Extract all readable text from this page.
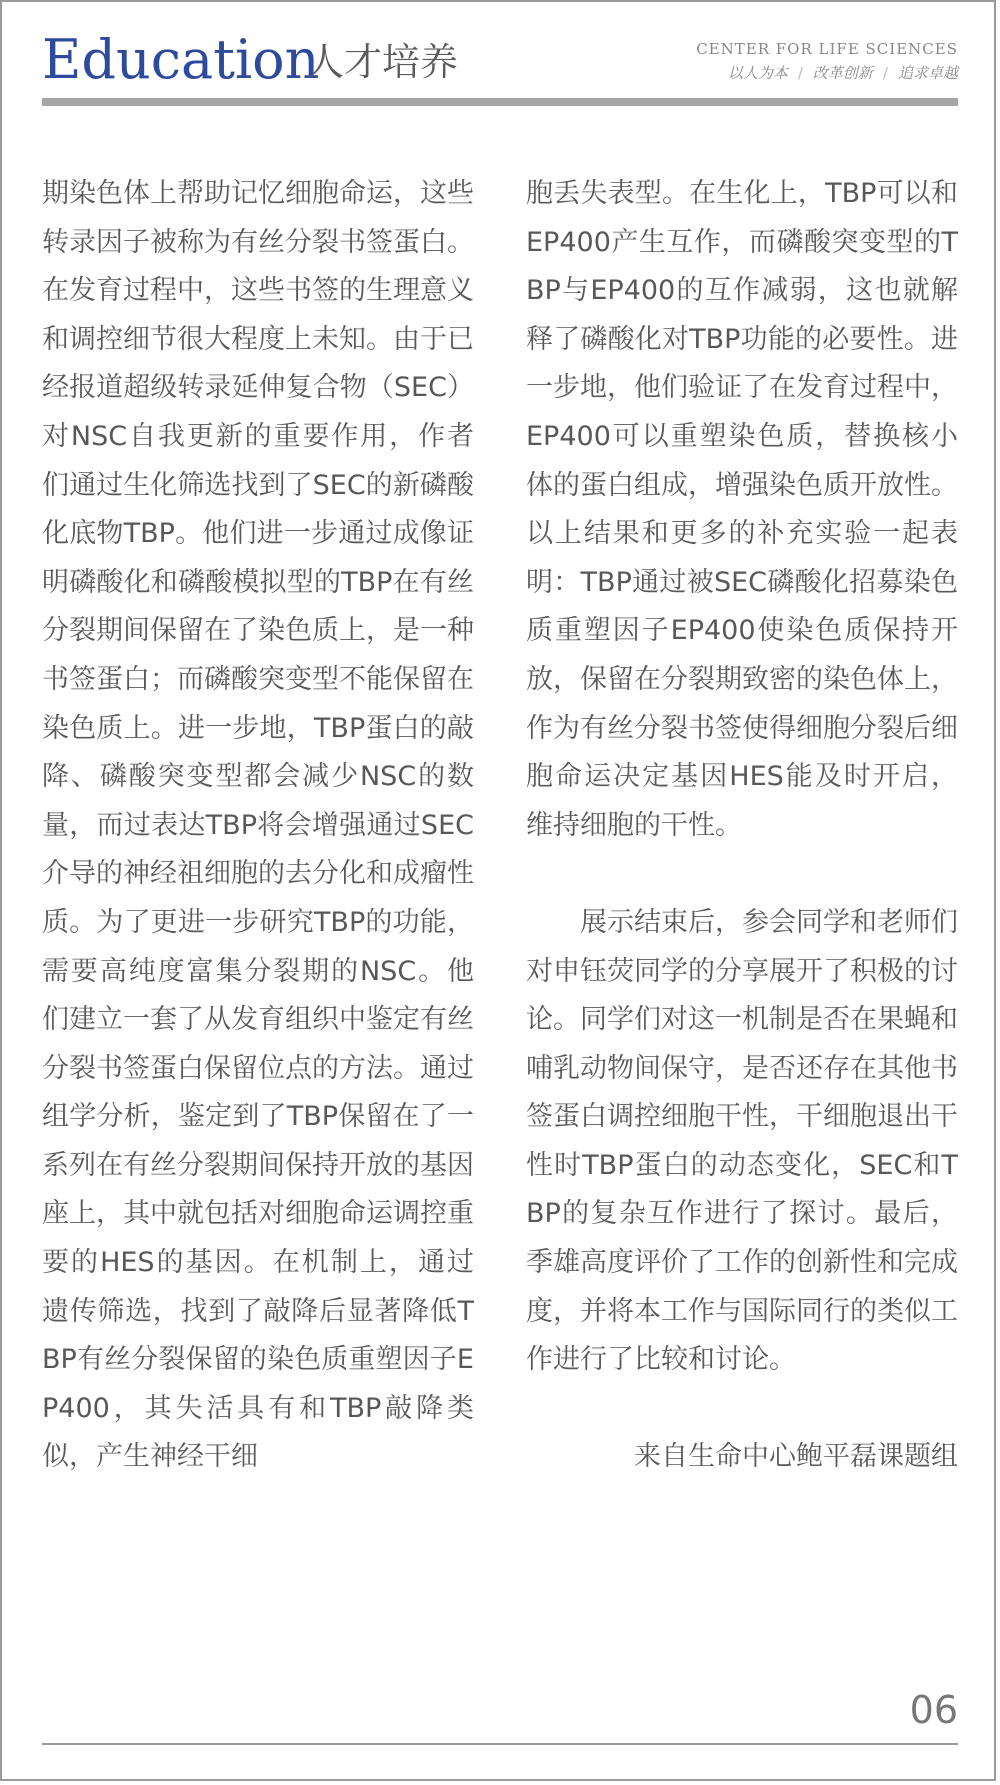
Education
人才培养	CENTER FOR LIFE SCIENCES
以人为本 / 改革创新 / 追求卓越

期染色体上帮助记忆细胞命运，这些转录因子被称为有丝分裂书签蛋白。在发育过程中，这些书签的生理意义和调控细节很大程度上未知。由于已经报道超级转录延伸复合物（SEC）对NSC自我更新的重要作用，作者们通过生化筛选找到了SEC的新磷酸化底物TBP。他们进一步通过成像证明磷酸化和磷酸模拟型的TBP在有丝分裂期间保留在了染色质上，是一种书签蛋白；而磷酸突变型不能保留在染色质上。进一步地，TBP蛋白的敲降、磷酸突变型都会减少NSC的数量，而过表达TBP将会增强通过SEC介导的神经祖细胞的去分化和成瘤性质。为了更进一步研究TBP的功能，需要高纯度富集分裂期的NSC。他们建立一套了从发育组织中鉴定有丝分裂书签蛋白保留位点的方法。通过组学分析，鉴定到了TBP保留在了一系列在有丝分裂期间保持开放的基因座上，其中就包括对细胞命运调控重要的HES的基因。在机制上，通过遗传筛选，找到了敲降后显著降低TBP有丝分裂保留的染色质重塑因子EP400，其失活具有和TBP敲降类似，产生神经干细

胞丢失表型。在生化上，TBP可以和EP400产生互作，而磷酸突变型的TBP与EP400的互作减弱，这也就解释了磷酸化对TBP功能的必要性。进一步地，他们验证了在发育过程中，EP400可以重塑染色质，替换核小体的蛋白组成，增强染色质开放性。以上结果和更多的补充实验一起表明：TBP通过被SEC磷酸化招募染色质重塑因子EP400使染色质保持开放，保留在分裂期致密的染色体上，作为有丝分裂书签使得细胞分裂后细胞命运决定基因HES能及时开启，维持细胞的干性。

展示结束后，参会同学和老师们对申钰荧同学的分享展开了积极的讨论。同学们对这一机制是否在果蝇和哺乳动物间保守，是否还存在其他书签蛋白调控细胞干性，干细胞退出干性时TBP蛋白的动态变化，SEC和TBP的复杂互作进行了探讨。最后，季雄高度评价了工作的创新性和完成度，并将本工作与国际同行的类似工作进行了比较和讨论。

来自生命中心鲍平磊课题组

06
